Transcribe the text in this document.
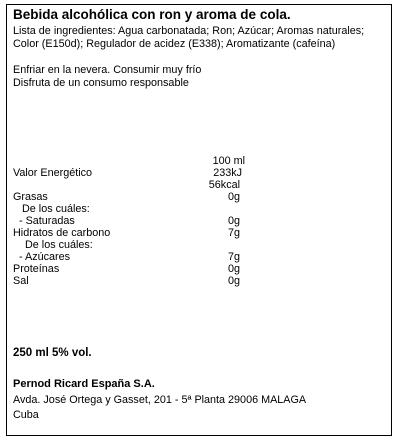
Bebida alcohólica con ron y aroma de cola.
Lista de ingredientes: Agua carbonatada; Ron; Azúcar; Aromas naturales; Color (E150d); Regulador de acidez (E338); Aromatizante (cafeína)
Enfriar en la nevera. Consumir muy frío
Disfruta de un consumo responsable
100 ml
Valor Energético	233kJ
56kcal
Grasas	0g
De los cuáles:
- Saturadas	0g
Hidratos de carbono	7g
De los cuáles:
- Azúcares	7g
Proteínas	0g
Sal	0g
250 ml 5% vol.
Pernod Ricard España S.A.
Avda. José Ortega y Gasset, 201 - 5ª Planta 29006 MALAGA
Cuba
